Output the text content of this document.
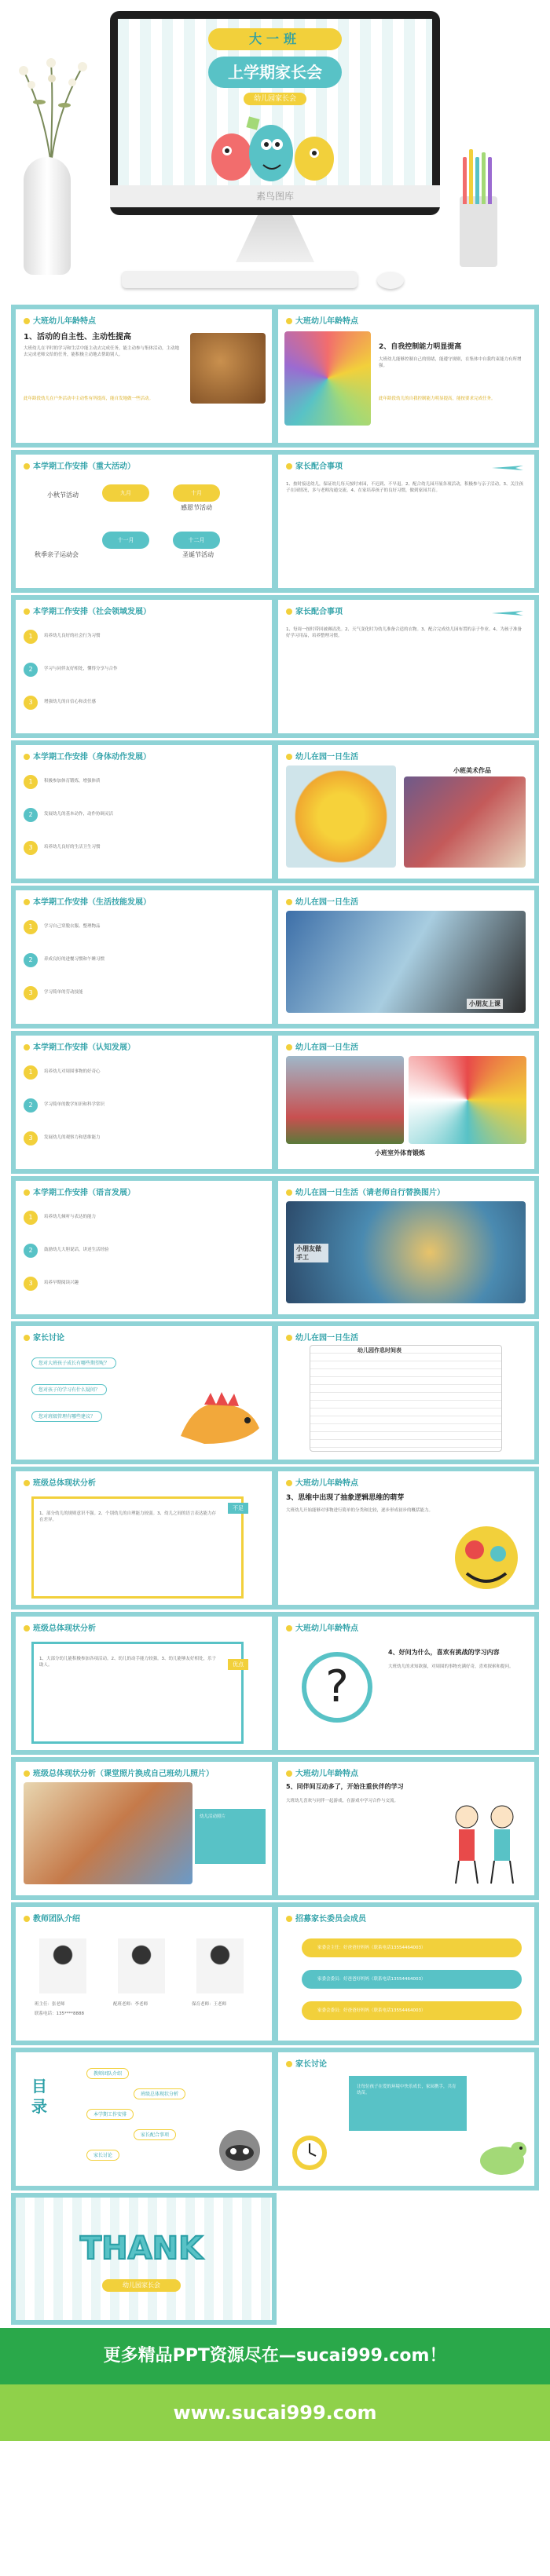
大一班
上学期家长会
幼儿园家长会
素鸟图库
大班幼儿年龄特点
1、活动的自主性、主动性提高
大班幼儿在平时的学习和生活中能主动去完成任务，能主动参与集体活动，主动地去完成老师交给的任务，能积极主动地去帮助别人。
此年龄段幼儿在户外活动中主动性有所提高，能自发地做一些活动。
大班幼儿年龄特点
2、自我控制能力明显提高
大班幼儿能够控制自己的情绪，能遵守规则，在集体中自我约束能力有所增强。
此年龄段幼儿的自我控制能力明显提高，能按要求完成任务。
本学期工作安排（重大活动）
九月
小秋节活动	十月
感恩节活动
十一月
秋季亲子运动会
十二月
圣诞节活动
家长配合事项
1、按时接送幼儿，保证幼儿每天按时来园，不迟到、不早退。2、配合幼儿园开展各项活动，积极参与亲子活动。3、关注孩子在园情况，多与老师沟通交流。4、在家培养孩子的良好习惯，做到家园共育。
本学期工作安排（社会领域发展）
1	培养幼儿良好的社会行为习惯
2	学习与同伴友好相处，懂得分享与合作
3	增强幼儿的自信心和责任感
家长配合事项
1、每周一按时带回被褥清洗。2、天气变化时为幼儿准备合适的衣物。3、配合完成幼儿园布置的亲子作业。4、为孩子准备好学习用品，培养整理习惯。
本学期工作安排（身体动作发展）
1	积极参加体育锻炼，增强体质
2	发展幼儿的基本动作，动作协调灵活
3	培养幼儿良好的生活卫生习惯
幼儿在园一日生活
小班美术作品
本学期工作安排（生活技能发展）
1	学习自己穿脱衣服、整理物品
2	养成良好的进餐习惯和午睡习惯
3	学习简单的劳动技能
幼儿在园一日生活
小朋友上课
本学期工作安排（认知发展）
1	培养幼儿对周围事物的好奇心
2	学习简单的数学知识和科学常识
3	发展幼儿的观察力和思维能力
幼儿在园一日生活
小班室外体育锻炼
本学期工作安排（语言发展）
1	培养幼儿倾听与表达的能力
2	鼓励幼儿大胆说话，讲述生活经验
3	培养早期阅读兴趣
幼儿在园一日生活（请老师自行替换图片）
小朋友做手工
家长讨论
您对大班孩子成长有哪些期望呢？
您对孩子的学习有什么疑问？
您对班级管理有哪些建议？
幼儿在园一日生活
幼儿园作息时间表
班级总体现状分析
不足
1、部分幼儿的规则意识不强。2、个别幼儿的自理能力较弱。3、幼儿之间的语言表达能力存在差异。
大班幼儿年龄特点
3、思维中出现了抽象逻辑思维的萌芽
大班幼儿开始能够对事物进行简单的分类和比较，逐步形成初步的概括能力。
班级总体现状分析
优点
1、大部分幼儿能积极参加各项活动。2、幼儿的动手能力较强。3、幼儿能够友好相处，乐于助人。
大班幼儿年龄特点
?
4、好问为什么，喜欢有挑战的学习内容
大班幼儿的求知欲强，对周围的事物充满好奇，喜欢探索和提问。
班级总体现状分析（课堂照片换成自己班幼儿照片）
幼儿活动照片
大班幼儿年龄特点
5、同伴间互动多了，开始注重伙伴的学习
大班幼儿喜欢与同伴一起游戏，在游戏中学习合作与交流。
教师团队介绍
班主任：张老师	配班老师：李老师	保育老师：王老师
联系电话：135****8888
招募家长委员会成员
家委会主任：好爸爸好妈妈（联系电话13554464003）
家委会委员：好爸爸好妈妈（联系电话13554464003）
家委会委员：好爸爸好妈妈（联系电话13554464003）
目录
教师团队介绍
班级总体现状分析
本学期工作安排
家长配合事项
家长讨论
家长讨论
让每位孩子在爱的环境中快乐成长，家园携手，共育幼苗。
THANK
幼儿园家长会
更多精品PPT资源尽在—sucai999.com！
www.sucai999.com
